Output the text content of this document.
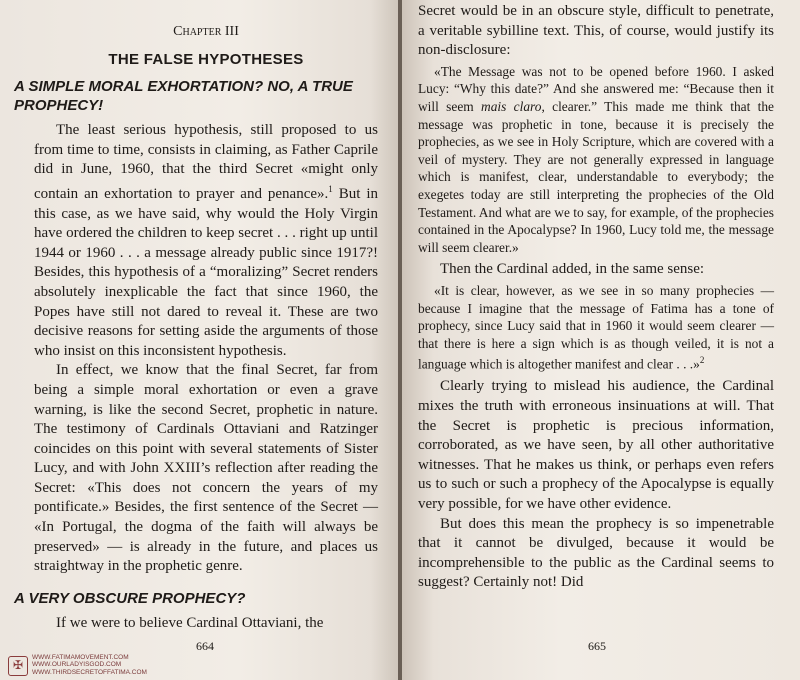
Chapter III
THE FALSE HYPOTHESES
A SIMPLE MORAL EXHORTATION? NO, A TRUE PROPHECY!

The least serious hypothesis, still proposed to us from time to time, consists in claiming, as Father Caprile did in June, 1960, that the third Secret «might only contain an exhortation to prayer and penance».$^1$ But in this case, as we have said, why would the Holy Virgin have ordered the children to keep secret . . . right up until 1944 or 1960 . . . a message already public since 1917?! Besides, this hypothesis of a “moralizing” Secret renders absolutely inexplicable the fact that since 1960, the Popes have still not dared to reveal it. These are two decisive reasons for setting aside the arguments of those who insist on this inconsistent hypothesis.

In effect, we know that the final Secret, far from being a simple moral exhortation or even a grave warning, is like the second Secret, prophetic in nature. The testimony of Cardinals Ottaviani and Ratzinger coincides on this point with several statements of Sister Lucy, and with John XXIII’s reflection after reading the Secret: «This does not concern the years of my pontificate.» Besides, the first sentence of the Secret — «In Portugal, the dogma of the faith will always be preserved» — is already in the future, and places us straightway in the prophetic genre.

A VERY OBSCURE PROPHECY?

If we were to believe Cardinal Ottaviani, the

664
✠
WWW.FATIMAMOVEMENT.COM
WWW.OURLADYISGOD.COM
WWW.THIRDSECRETOFFATIMA.COM

Secret would be in an obscure style, difficult to penetrate, a veritable sybilline text. This, of course, would justify its non-disclosure:

«The Message was not to be opened before 1960. I asked Lucy: “Why this date?” And she answered me: “Because then it will seem mais claro, clearer.” This made me think that the message was prophetic in tone, because it is precisely the prophecies, as we see in Holy Scripture, which are covered with a veil of mystery. They are not generally expressed in language which is manifest, clear, understandable to everybody; the exegetes today are still interpreting the prophecies of the Old Testament. And what are we to say, for example, of the prophecies contained in the Apocalypse? In 1960, Lucy told me, the message will seem clearer.»

Then the Cardinal added, in the same sense:

«It is clear, however, as we see in so many prophecies — because I imagine that the message of Fatima has a tone of prophecy, since Lucy said that in 1960 it would seem clearer — that there is here a sign which is as though veiled, it is not a language which is altogether manifest and clear . . .»$^2$

Clearly trying to mislead his audience, the Cardinal mixes the truth with erroneous insinuations at will. That the Secret is prophetic is precious information, corroborated, as we have seen, by all other authoritative witnesses. That he makes us think, or perhaps even refers us to such or such a prophecy of the Apocalypse is equally very possible, for we have other evidence.

But does this mean the prophecy is so impenetrable that it cannot be divulged, because it would be incomprehensible to the public as the Cardinal seems to suggest? Certainly not! Did

665
